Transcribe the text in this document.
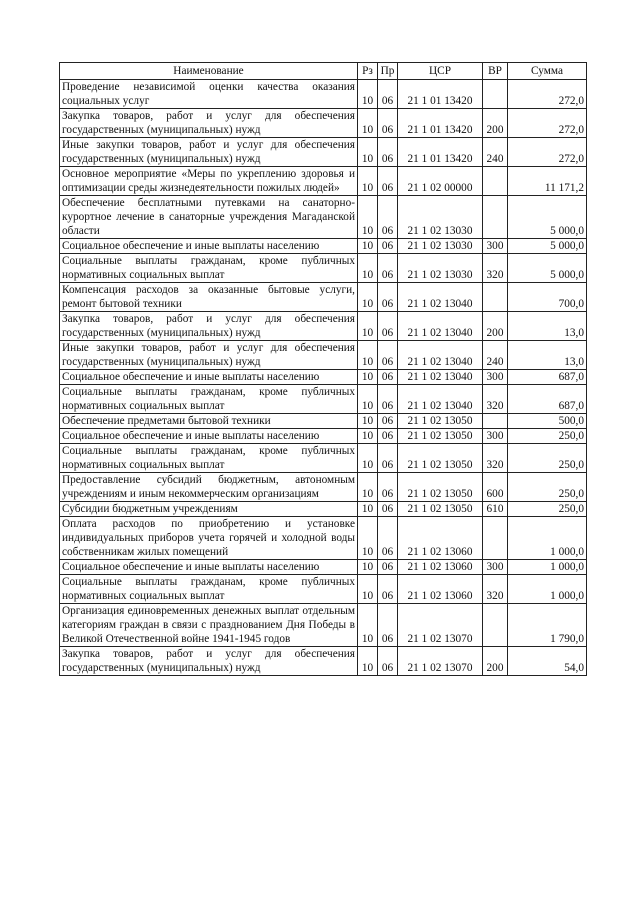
Наименование	Рз	Пр	ЦСР	ВР	Сумма

Проведение независимой оценки качества оказания социальных услуг	10	06	21 1 01 13420		272,0

Закупка товаров, работ и услуг для обеспечения государственных (муниципальных) нужд	10	06	21 1 01 13420	200	272,0

Иные закупки товаров, работ и услуг для обеспечения государственных (муниципальных) нужд	10	06	21 1 01 13420	240	272,0

Основное мероприятие «Меры по укреплению здоровья и оптимизации среды жизнедеятельности пожилых людей»	10	06	21 1 02 00000		11 171,2

Обеспечение бесплатными путевками на санаторно-курортное лечение в санаторные учреждения Магаданской области	10	06	21 1 02 13030		5 000,0

Социальное обеспечение и иные выплаты населению	10	06	21 1 02 13030	300	5 000,0

Социальные выплаты гражданам, кроме публичных нормативных социальных выплат	10	06	21 1 02 13030	320	5 000,0

Компенсация расходов за оказанные бытовые услуги, ремонт бытовой техники	10	06	21 1 02 13040		700,0

Закупка товаров, работ и услуг для обеспечения государственных (муниципальных) нужд	10	06	21 1 02 13040	200	13,0

Иные закупки товаров, работ и услуг для обеспечения государственных (муниципальных) нужд	10	06	21 1 02 13040	240	13,0

Социальное обеспечение и иные выплаты населению	10	06	21 1 02 13040	300	687,0

Социальные выплаты гражданам, кроме публичных нормативных социальных выплат	10	06	21 1 02 13040	320	687,0

Обеспечение предметами бытовой техники	10	06	21 1 02 13050		500,0

Социальное обеспечение и иные выплаты населению	10	06	21 1 02 13050	300	250,0

Социальные выплаты гражданам, кроме публичных нормативных социальных выплат	10	06	21 1 02 13050	320	250,0

Предоставление субсидий бюджетным, автономным учреждениям и иным некоммерческим организациям	10	06	21 1 02 13050	600	250,0

Субсидии бюджетным учреждениям	10	06	21 1 02 13050	610	250,0

Оплата расходов по приобретению и установке индивидуальных приборов учета горячей и холодной воды собственникам жилых помещений	10	06	21 1 02 13060		1 000,0

Социальное обеспечение и иные выплаты населению	10	06	21 1 02 13060	300	1 000,0

Социальные выплаты гражданам, кроме публичных нормативных социальных выплат	10	06	21 1 02 13060	320	1 000,0

Организация единовременных денежных выплат отдельным категориям граждан в связи с празднованием Дня Победы в Великой Отечественной войне 1941-1945 годов	10	06	21 1 02 13070		1 790,0

Закупка товаров, работ и услуг для обеспечения государственных (муниципальных) нужд	10	06	21 1 02 13070	200	54,0
